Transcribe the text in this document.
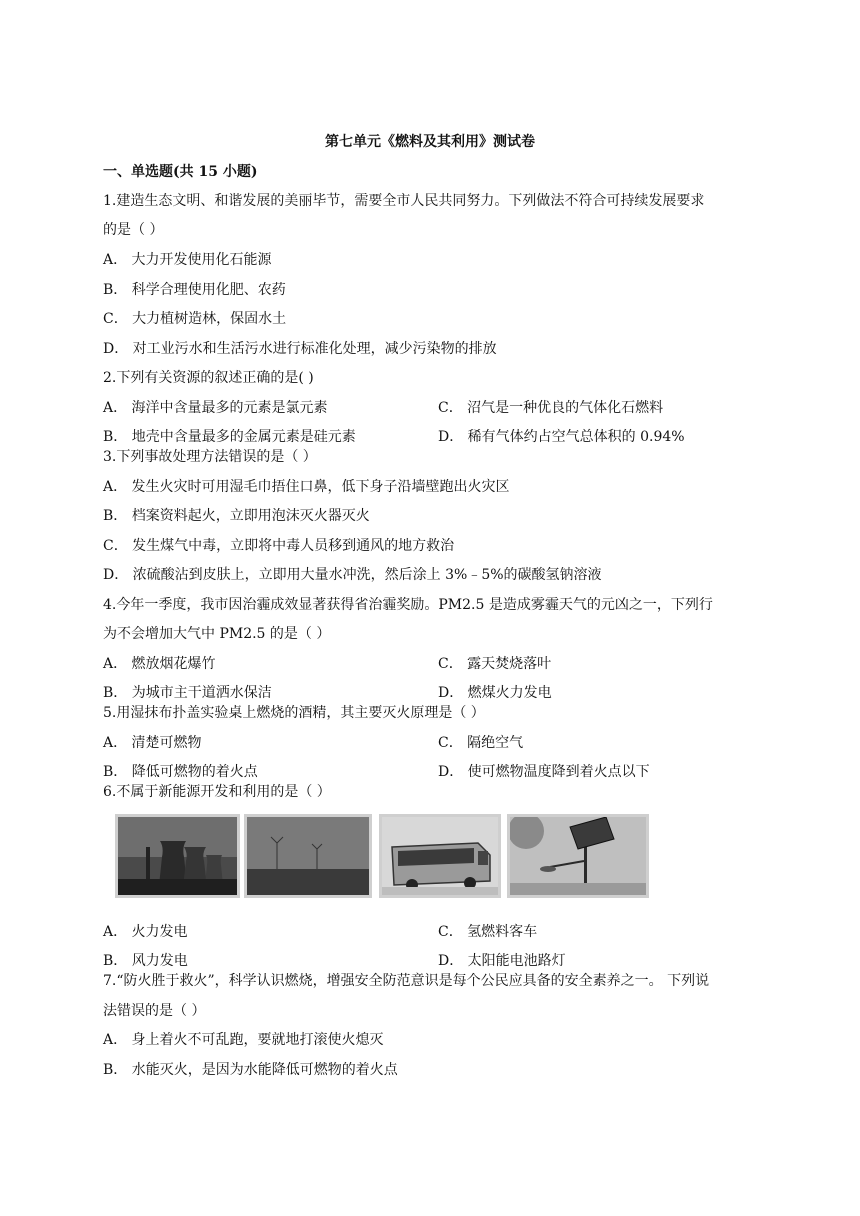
第七单元《燃料及其利用》测试卷
一、单选题(共 15 小题)
1.建造生态文明、和谐发展的美丽毕节，需要全市人民共同努力。下列做法不符合可持续发展要求
的是（ ）
A． 大力开发使用化石能源
B． 科学合理使用化肥、农药
C． 大力植树造林，保固水土
D． 对工业污水和生活污水进行标准化处理，减少污染物的排放
2.下列有关资源的叙述正确的是( )
A． 海洋中含量最多的元素是氯元素	C． 沼气是一种优良的气体化石燃料
B． 地壳中含量最多的金属元素是硅元素	D． 稀有气体约占空气总体积的 0.94%
3.下列事故处理方法错误的是（ ）
A． 发生火灾时可用湿毛巾捂住口鼻，低下身子沿墙壁跑出火灾区
B． 档案资料起火，立即用泡沫灭火器灭火
C． 发生煤气中毒，立即将中毒人员移到通风的地方救治
D． 浓硫酸沾到皮肤上，立即用大量水冲洗，然后涂上 3%﹣5%的碳酸氢钠溶液
4.今年一季度，我市因治霾成效显著获得省治霾奖励。PM2.5 是造成雾霾天气的元凶之一，下列行
为不会增加大气中 PM2.5 的是（ ）
A． 燃放烟花爆竹	C． 露天焚烧落叶
B． 为城市主干道洒水保洁	D． 燃煤火力发电
5.用湿抹布扑盖实验桌上燃烧的酒精，其主要灭火原理是（ ）
A． 清楚可燃物	C． 隔绝空气
B． 降低可燃物的着火点	D． 使可燃物温度降到着火点以下
6.不属于新能源开发和利用的是（ ）
A． 火力发电	C． 氢燃料客车
B． 风力发电	D． 太阳能电池路灯
7.“防火胜于救火”，科学认识燃烧，增强安全防范意识是每个公民应具备的安全素养之一。 下列说
法错误的是（ ）
A． 身上着火不可乱跑，要就地打滚使火熄灭
B． 水能灭火，是因为水能降低可燃物的着火点
